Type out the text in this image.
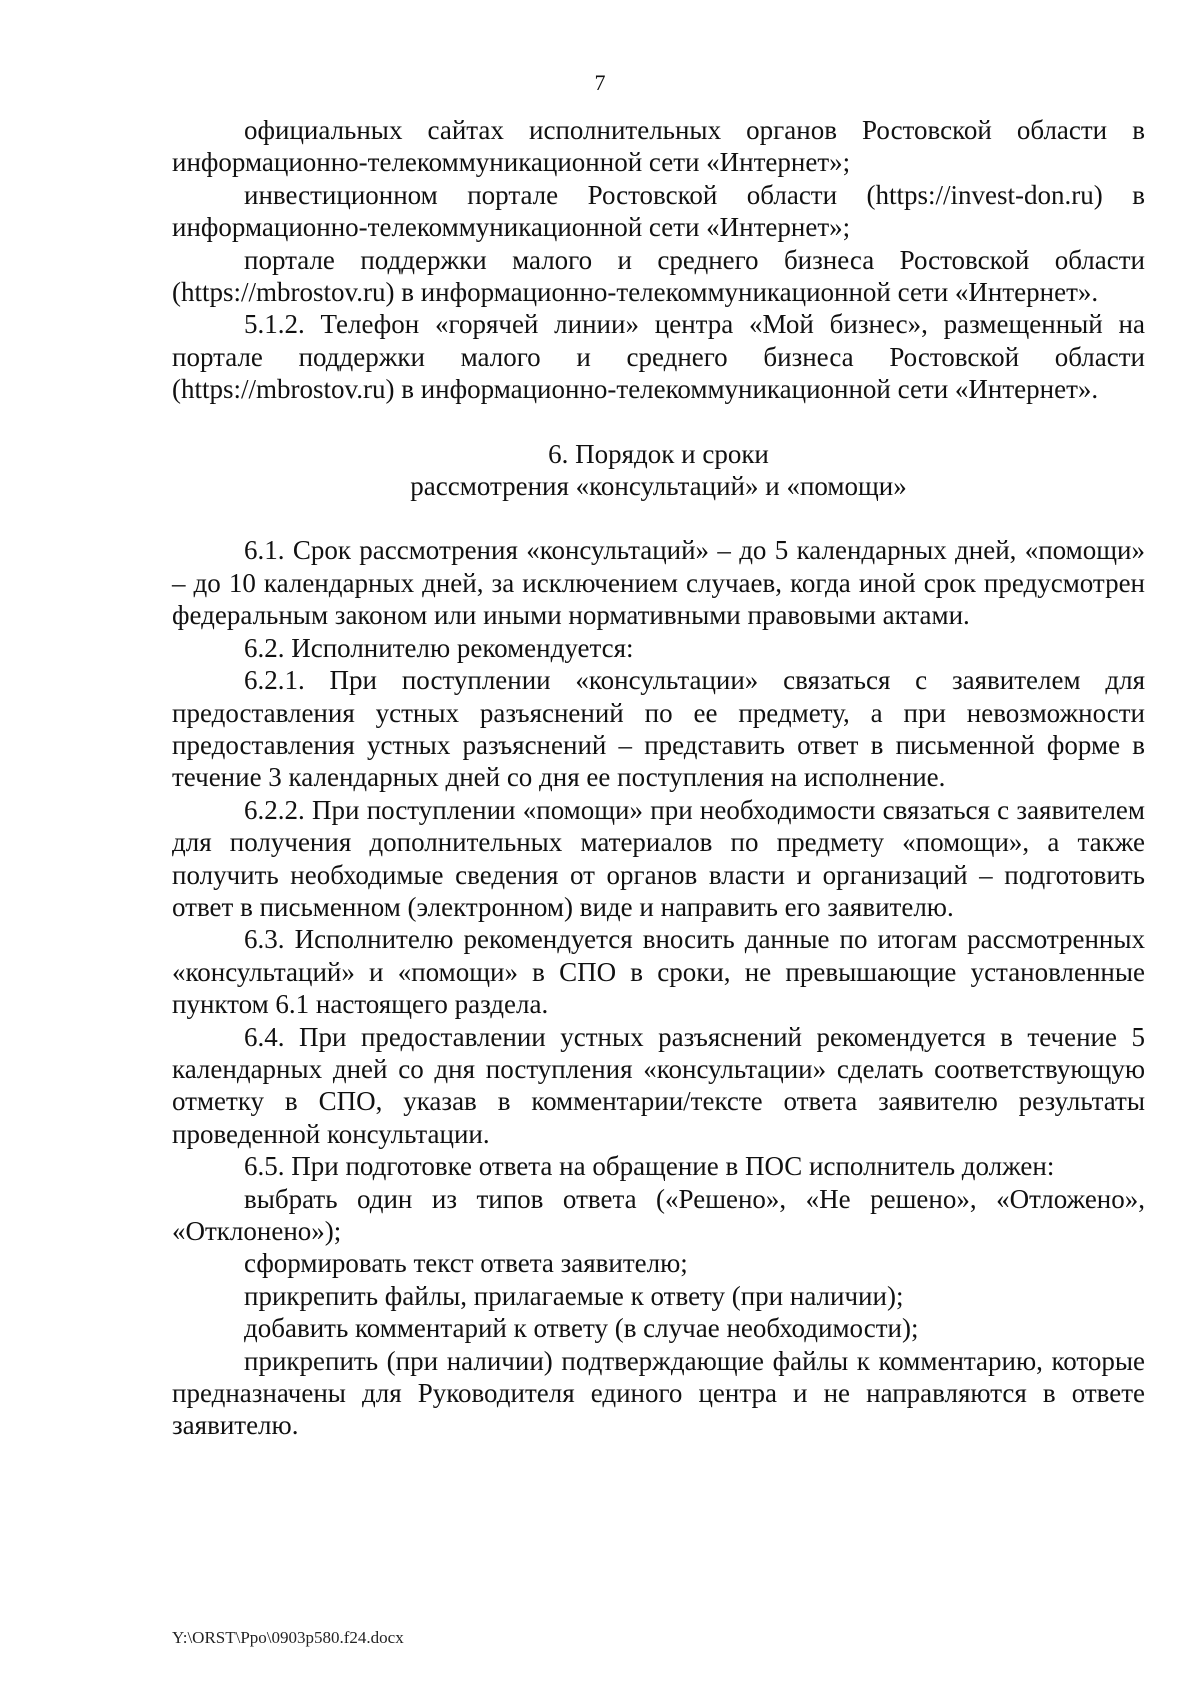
7

официальных сайтах исполнительных органов Ростовской области в информационно-телекоммуникационной сети «Интернет»;

инвестиционном портале Ростовской области (https://invest-don.ru) в информационно-телекоммуникационной сети «Интернет»;

портале поддержки малого и среднего бизнеса Ростовской области (https://mbrostov.ru) в информационно-телекоммуникационной сети «Интернет».

5.1.2. Телефон «горячей линии» центра «Мой бизнес», размещенный на портале поддержки малого и среднего бизнеса Ростовской области (https://mbrostov.ru) в информационно-телекоммуникационной сети «Интернет».

6. Порядок и сроки

рассмотрения «консультаций» и «помощи»

6.1. Срок рассмотрения «консультаций» – до 5 календарных дней, «помощи» – до 10 календарных дней, за исключением случаев, когда иной срок предусмотрен федеральным законом или иными нормативными правовыми актами.

6.2. Исполнителю рекомендуется:

6.2.1. При поступлении «консультации» связаться с заявителем для предоставления устных разъяснений по ее предмету, а при невозможности предоставления устных разъяснений – представить ответ в письменной форме в течение 3 календарных дней со дня ее поступления на исполнение.

6.2.2. При поступлении «помощи» при необходимости связаться с заявителем для получения дополнительных материалов по предмету «помощи», а также получить необходимые сведения от органов власти и организаций – подготовить ответ в письменном (электронном) виде и направить его заявителю.

6.3. Исполнителю рекомендуется вносить данные по итогам рассмотренных «консультаций» и «помощи» в СПО в сроки, не превышающие установленные пунктом 6.1 настоящего раздела.

6.4. При предоставлении устных разъяснений рекомендуется в течение 5 календарных дней со дня поступления «консультации» сделать соответствующую отметку в СПО, указав в комментарии/тексте ответа заявителю результаты проведенной консультации.

6.5. При подготовке ответа на обращение в ПОС исполнитель должен:

выбрать один из типов ответа («Решено», «Не решено», «Отложено», «Отклонено»);

сформировать текст ответа заявителю;

прикрепить файлы, прилагаемые к ответу (при наличии);

добавить комментарий к ответу (в случае необходимости);

прикрепить (при наличии) подтверждающие файлы к комментарию, которые предназначены для Руководителя единого центра и не направляются в ответе заявителю.

Y:\ORST\Ppo\0903p580.f24.docx
